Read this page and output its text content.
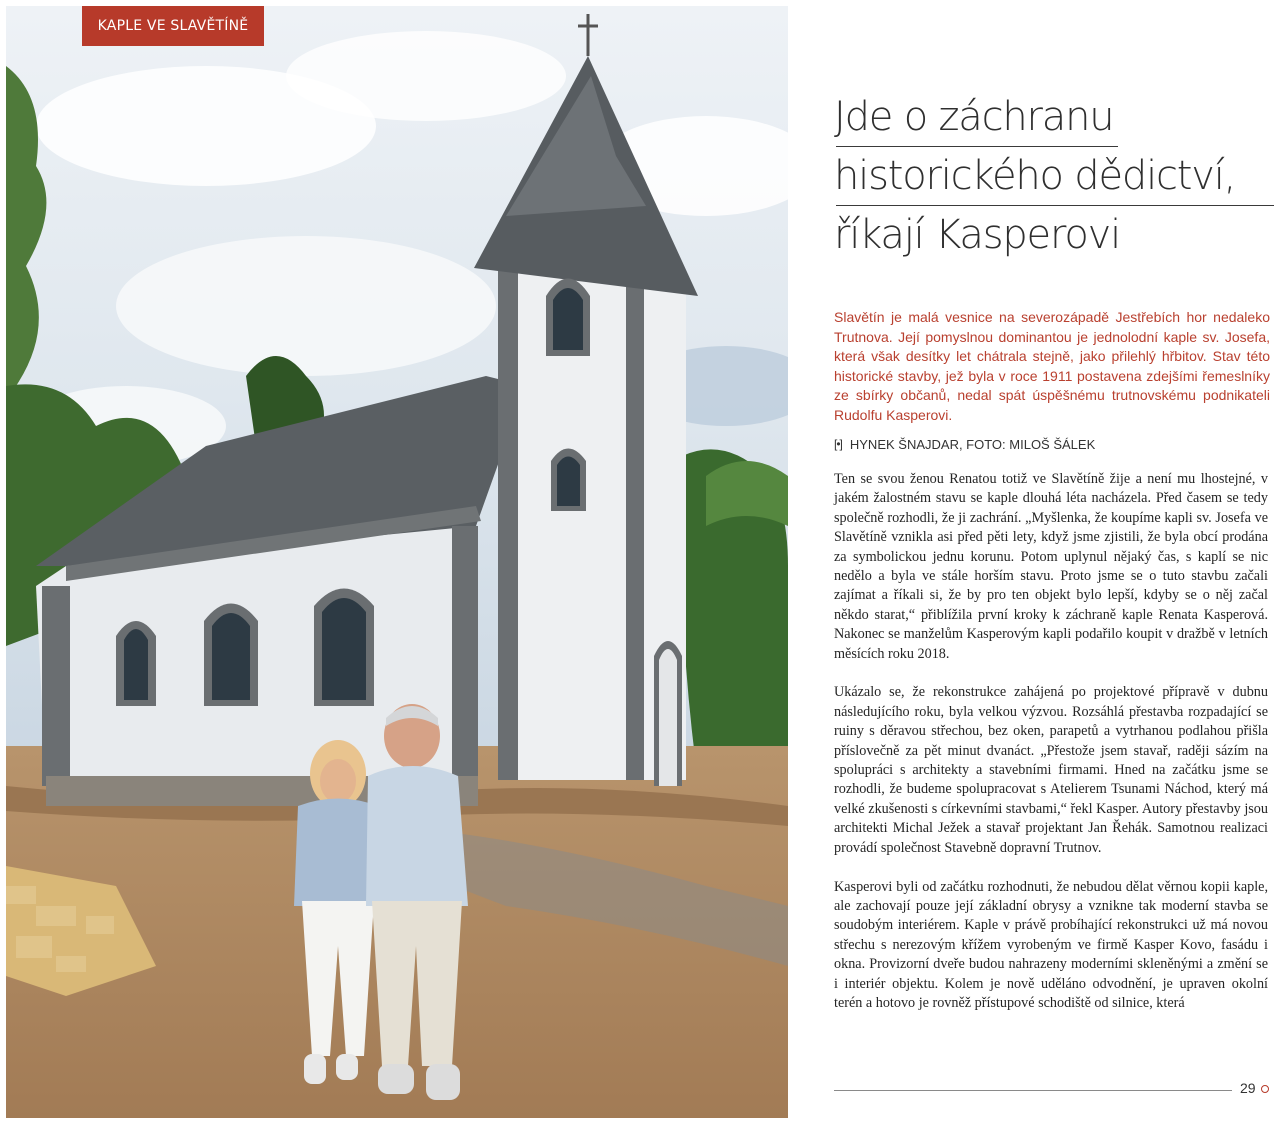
KAPLE VE SLAVĚTÍNĚ
Jde o záchranu
historického dědictví,
říkají Kasperovi

Slavětín je malá vesnice na severozápadě Jestřebích hor nedaleko Trutnova. Její pomyslnou dominantou je jednolodní kaple sv. Josefa, která však desítky let chátrala stejně, jako přilehlý hřbitov. Stav této historické stavby, jež byla v roce 1911 postavena zdejšími řemeslníky ze sbírky občanů, nedal spát úspěšnému trutnovskému podnikateli Rudolfu Kasperovi.

[•] HYNEK ŠNAJDAR, FOTO: MILOŠ ŠÁLEK

Ten se svou ženou Renatou totiž ve Slavětíně žije a není mu lhostejné, v jakém žalostném stavu se kaple dlouhá léta nacházela. Před časem se tedy společně rozhodli, že ji zachrání. „Myšlenka, že koupíme kapli sv. Josefa ve Slavětíně vznikla asi před pěti lety, když jsme zjistili, že byla obcí prodána za symbolickou jednu korunu. Potom uplynul nějaký čas, s kaplí se nic nedělo a byla ve stále horším stavu. Proto jsme se o tuto stavbu začali zajímat a říkali si, že by pro ten objekt bylo lepší, kdyby se o něj začal někdo starat,“ přiblížila první kroky k záchraně kaple Renata Kasperová. Nakonec se manželům Kasperovým kapli podařilo koupit v dražbě v letních měsících roku 2018.

Ukázalo se, že rekonstrukce zahájená po projektové přípravě v dubnu následujícího roku, byla velkou výzvou. Rozsáhlá přestavba rozpadající se ruiny s děravou střechou, bez oken, parapetů a vytrhanou podlahou přišla příslovečně za pět minut dvanáct. „Přestože jsem stavař, raději sázím na spolupráci s architekty a stavebními firmami. Hned na začátku jsme se rozhodli, že budeme spolupracovat s Atelierem Tsunami Náchod, který má velké zkušenosti s církevními stavbami,“ řekl Kasper. Autory přestavby jsou architekti Michal Ježek a stavař projektant Jan Řehák. Samotnou realizaci provádí společnost Stavebně dopravní Trutnov.

Kasperovi byli od začátku rozhodnuti, že nebudou dělat věrnou kopii kaple, ale zachovají pouze její základní obrysy a vznikne tak moderní stavba se soudobým interiérem. Kaple v právě probíhající rekonstrukci už má novou střechu s nerezovým křížem vyrobeným ve firmě Kasper Kovo, fasádu i okna. Provizorní dveře budou nahrazeny moderními skleněnými a změní se i interiér objektu. Kolem je nově uděláno odvodnění, je upraven okolní terén a hotovo je rovněž přístupové schodiště od silnice, která

29
